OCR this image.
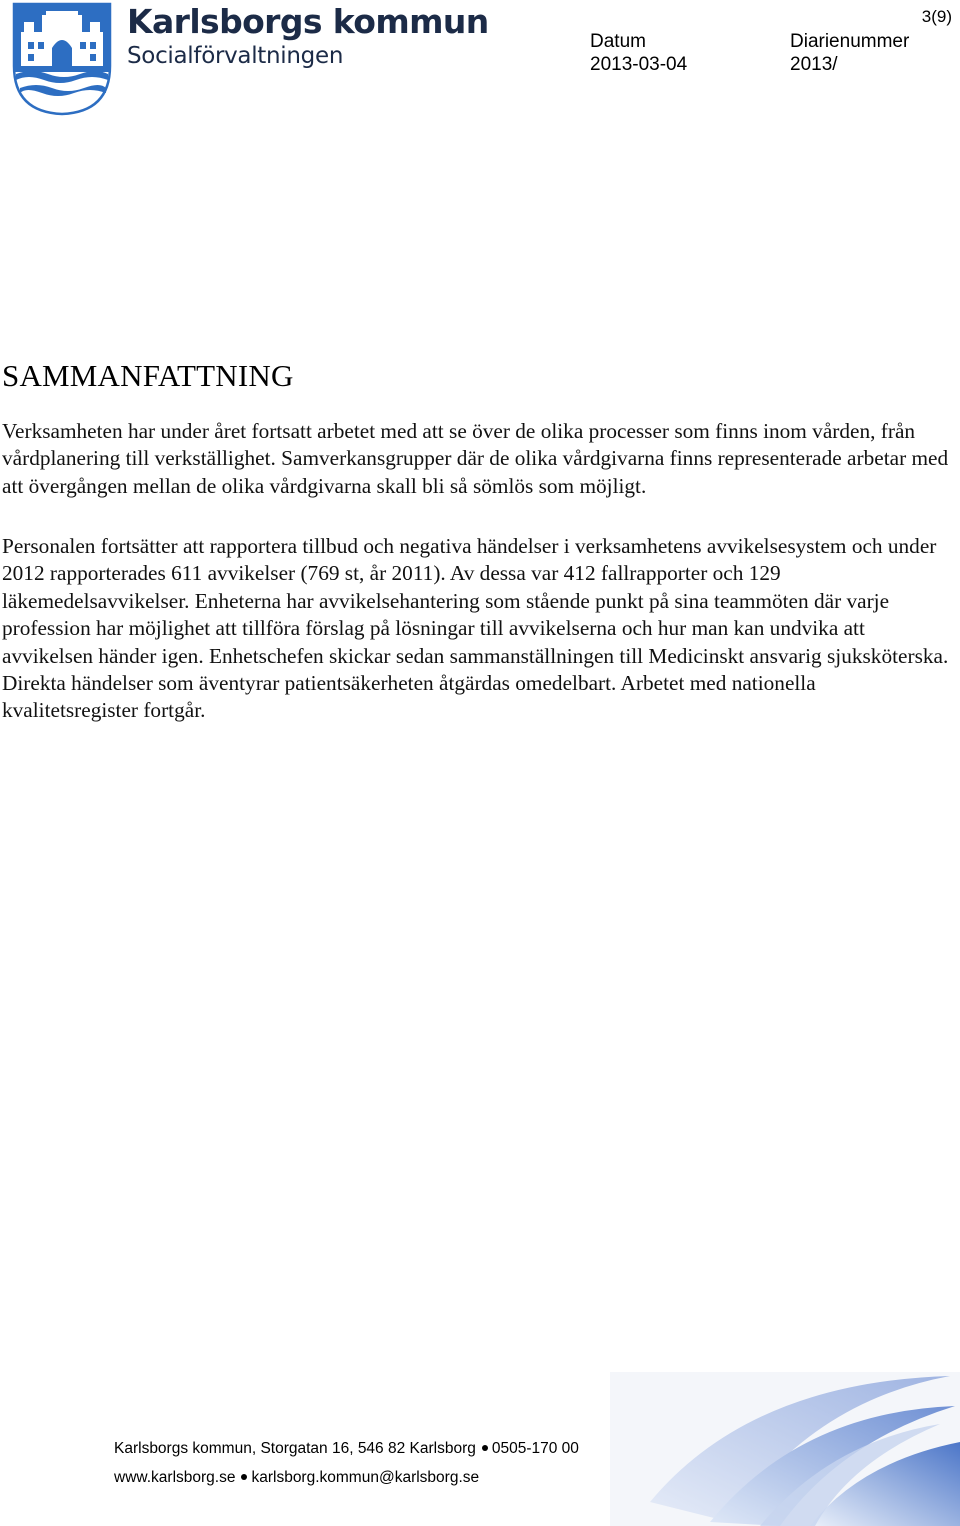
Karlsborgs kommun
Socialförvaltningen
Datum
2013-03-04
Diarienummer
2013/
3(9)
SAMMANFATTNING

Verksamheten har under året fortsatt arbetet med att se över de olika processer som finns inom vården, från vårdplanering till verkställighet. Samverkansgrupper där de olika vårdgivarna finns representerade arbetar med att övergången mellan de olika vårdgivarna skall bli så sömlös som möjligt.

Personalen fortsätter att rapportera tillbud och negativa händelser i verksamhetens avvikelsesystem och under 2012 rapporterades 611 avvikelser (769 st, år 2011). Av dessa var 412 fallrapporter och 129 läkemedelsavvikelser. Enheterna har avvikelsehantering som stående punkt på sina teammöten där varje profession har möjlighet att tillföra förslag på lösningar till avvikelserna och hur man kan undvika att avvikelsen händer igen. Enhetschefen skickar sedan sammanställningen till Medicinskt ansvarig sjuksköterska. Direkta händelser som äventyrar patientsäkerheten åtgärdas omedelbart. Arbetet med nationella kvalitetsregister fortgår.

Karlsborgs kommun, Storgatan 16, 546 82 Karlsborg 0505-170 00
www.karlsborg.se karlsborg.kommun@karlsborg.se
